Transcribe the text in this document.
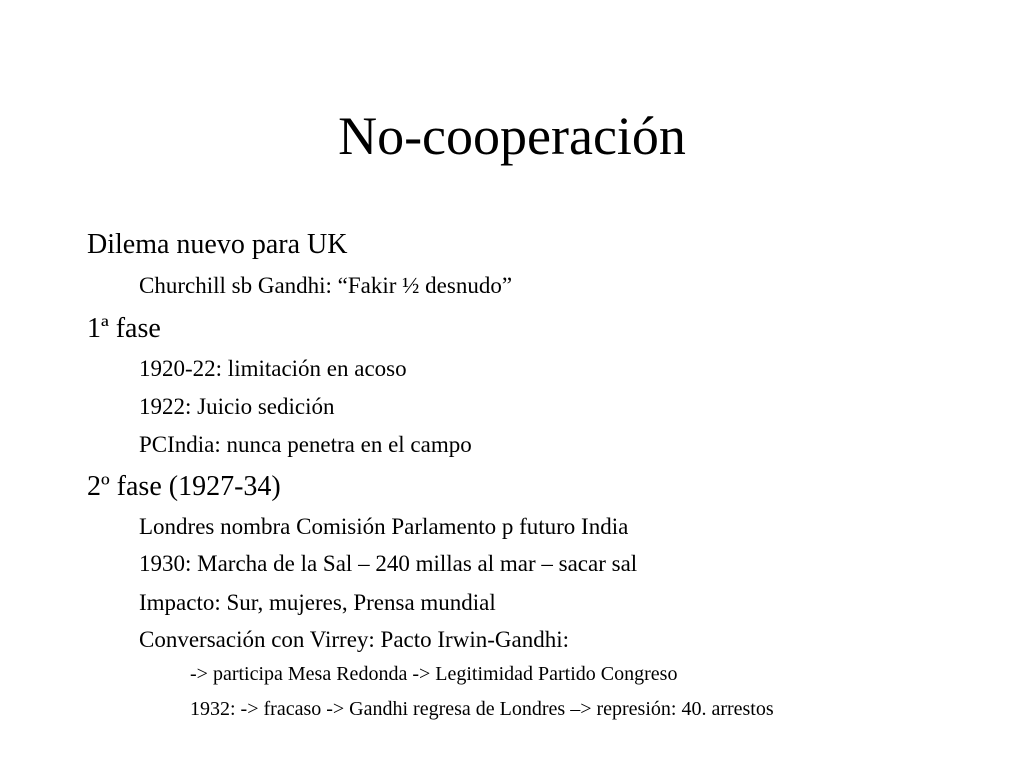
No-cooperación
Dilema nuevo para UK
Churchill sb Gandhi: “Fakir ½ desnudo”
1ª fase
1920-22: limitación en acoso
1922: Juicio sedición
PCIndia: nunca penetra en el campo
2º fase (1927-34)
Londres nombra Comisión Parlamento p futuro India
1930: Marcha de la Sal – 240 millas al mar – sacar sal
Impacto: Sur, mujeres, Prensa mundial
Conversación con Virrey: Pacto Irwin-Gandhi:
-> participa Mesa Redonda -> Legitimidad Partido Congreso
1932: -> fracaso -> Gandhi regresa de Londres –> represión: 40. arrestos
